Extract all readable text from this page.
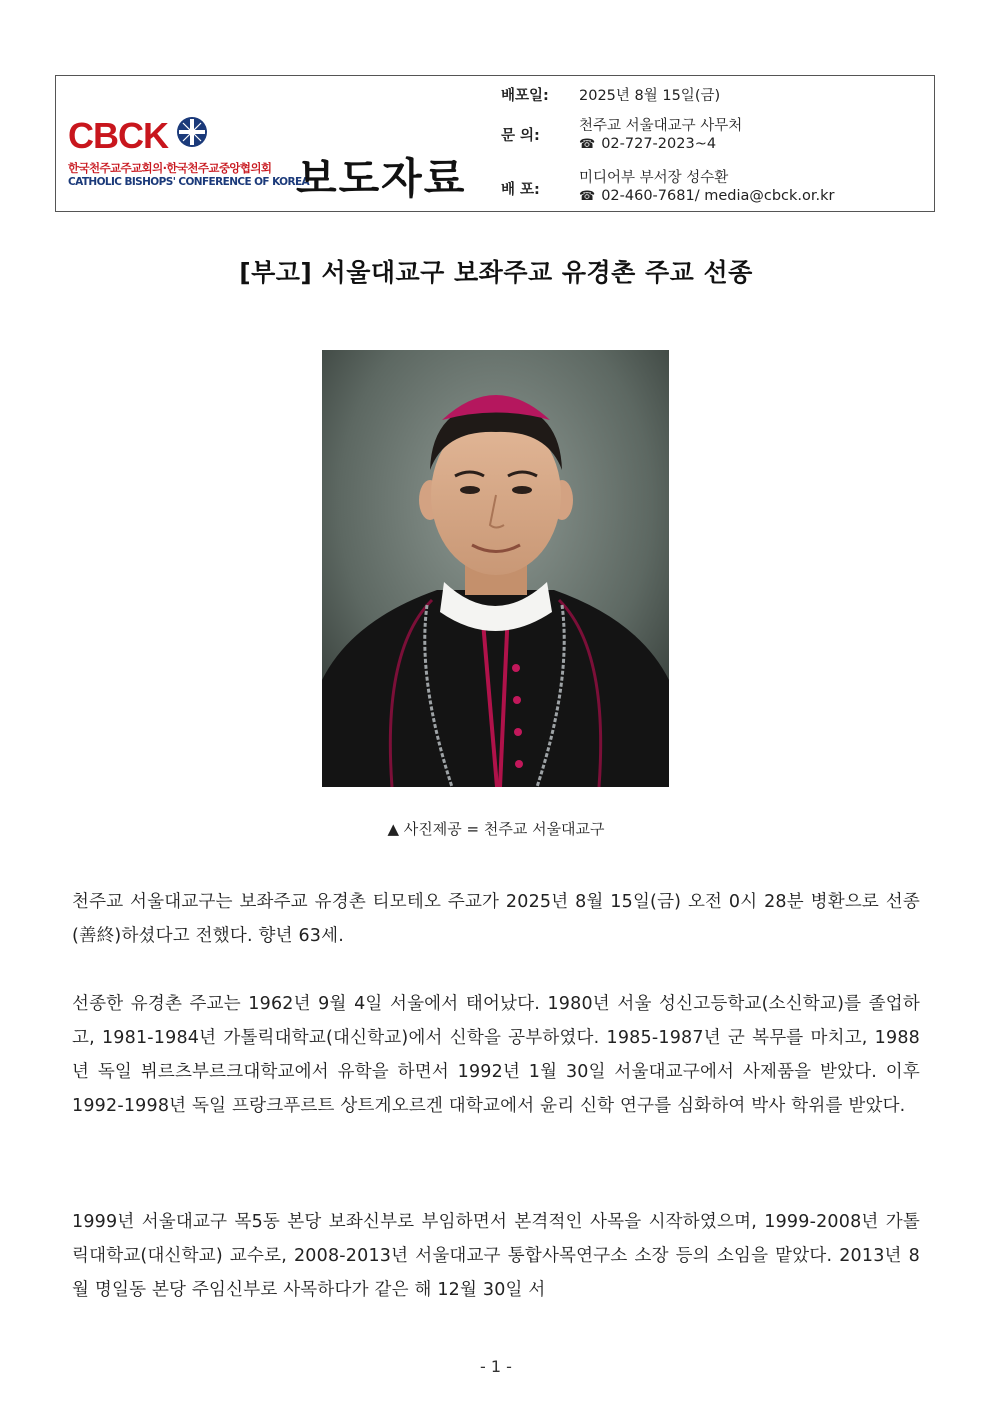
CBCK
한국천주교주교회의·한국천주교중앙협의회
CATHOLIC BISHOPS' CONFERENCE OF KOREA
보도자료
배포일:	2025년 8월 15일(금)
문 의:
천주교 서울대교구 사무처
☎ 02-727-2023~4
배 포:
미디어부 부서장 성수환
☎ 02-460-7681/ media@cbck.or.kr
[부고] 서울대교구 보좌주교 유경촌 주교 선종
▲ 사진제공 = 천주교 서울대교구
천주교 서울대교구는 보좌주교 유경촌 티모테오 주교가 2025년 8월 15일(금) 오전 0시 28분 병환으로 선종(善終)하셨다고 전했다. 향년 63세.
선종한 유경촌 주교는 1962년 9월 4일 서울에서 태어났다. 1980년 서울 성신고등학교(소신학교)를 졸업하고, 1981-1984년 가톨릭대학교(대신학교)에서 신학을 공부하였다. 1985-1987년 군 복무를 마치고, 1988년 독일 뷔르츠부르크대학교에서 유학을 하면서 1992년 1월 30일 서울대교구에서 사제품을 받았다. 이후 1992-1998년 독일 프랑크푸르트 상트게오르겐 대학교에서 윤리 신학 연구를 심화하여 박사 학위를 받았다.
1999년 서울대교구 목5동 본당 보좌신부로 부임하면서 본격적인 사목을 시작하였으며, 1999-2008년 가톨릭대학교(대신학교) 교수로, 2008-2013년 서울대교구 통합사목연구소 소장 등의 소임을 맡았다. 2013년 8월 명일동 본당 주임신부로 사목하다가 같은 해 12월 30일 서
- 1 -
